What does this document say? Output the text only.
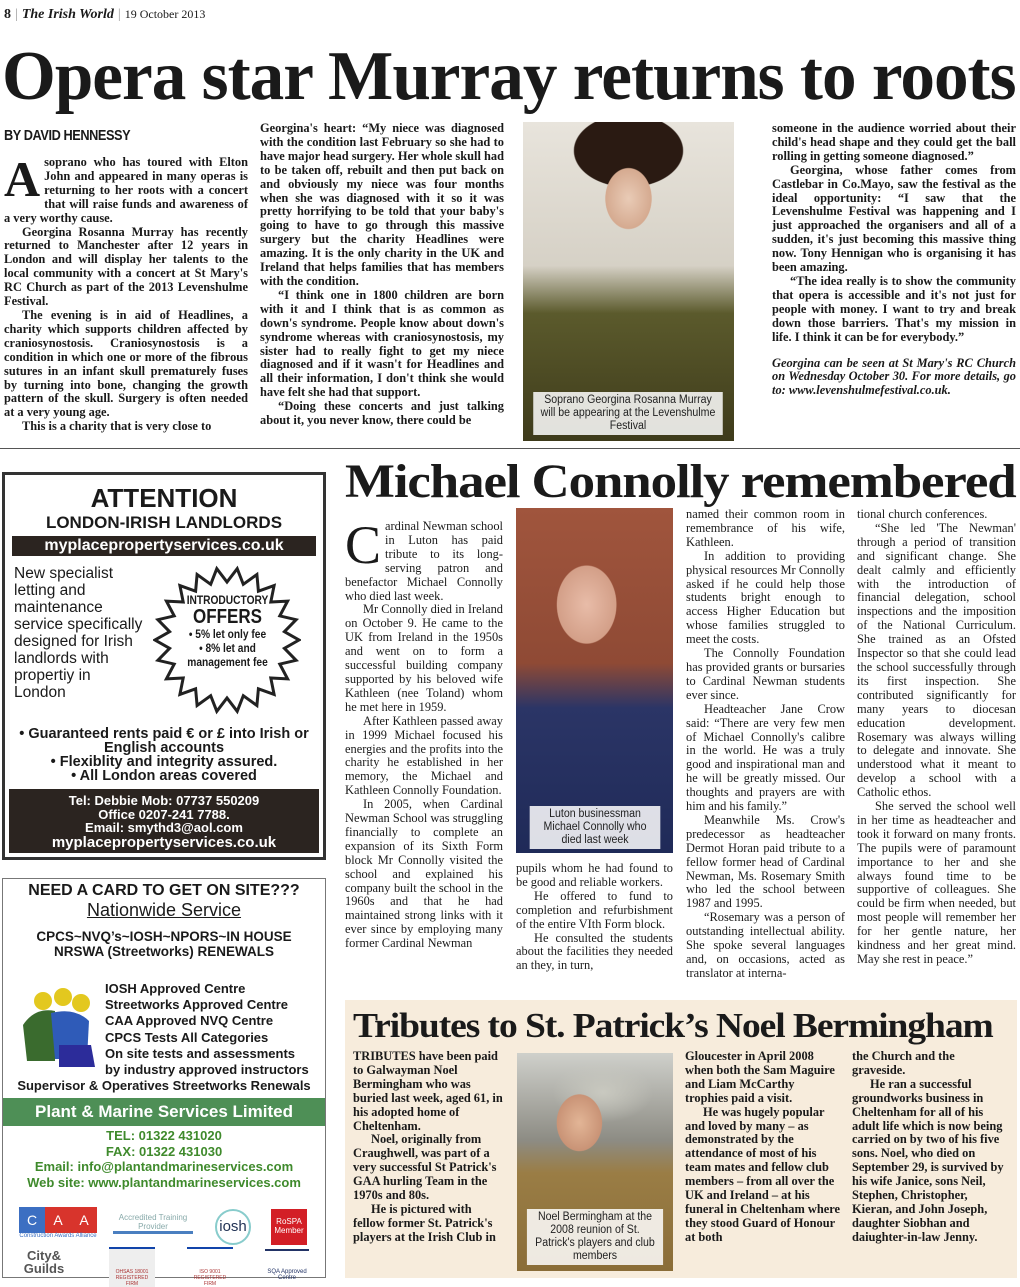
8 | The Irish World | 19 October 2013
Opera star Murray returns to roots
BY DAVID HENNESSY
A soprano who has toured with Elton John and appeared in many operas is returning to her roots with a concert that will raise funds and awareness of a very worthy cause.

Georgina Rosanna Murray has recently returned to Manchester after 12 years in London and will display her talents to the local community with a concert at St Mary's RC Church as part of the 2013 Levenshulme Festival.

The evening is in aid of Headlines, a charity which supports children affected by craniosynostosis. Craniosynostosis is a condition in which one or more of the fibrous sutures in an infant skull prematurely fuses by turning into bone, changing the growth pattern of the skull. Surgery is often needed at a very young age.

This is a charity that is very close to

Georgina's heart: “My niece was diagnosed with the condition last February so she had to have major head surgery. Her whole skull had to be taken off, rebuilt and then put back on and obviously my niece was four months when she was diagnosed with it so it was pretty horrifying to be told that your baby's going to have to go through this massive surgery but the charity Headlines were amazing. It is the only charity in the UK and Ireland that helps families that has members with the condition.

“I think one in 1800 children are born with it and I think that is as common as down's syndrome. People know about down's syndrome whereas with craniosynostosis, my sister had to really fight to get my niece diagnosed and if it wasn't for Headlines and all their information, I don't think she would have felt she had that support.

“Doing these concerts and just talking about it, you never know, there could be

Soprano Georgina Rosanna Murray will be appearing at the Levenshulme Festival

someone in the audience worried about their child's head shape and they could get the ball rolling in getting someone diagnosed.”

Georgina, whose father comes from Castlebar in Co.Mayo, saw the festival as the ideal opportunity: “I saw that the Levenshulme Festival was happening and I just approached the organisers and all of a sudden, it's just becoming this massive thing now. Tony Hennigan who is organising it has been amazing.

“The idea really is to show the community that opera is accessible and it's not just for people with money. I want to try and break down those barriers. That's my mission in life. I think it can be for everybody.”

Georgina can be seen at St Mary's RC Church on Wednesday October 30. For more details, go to: www.levenshulmefestival.co.uk.

ATTENTION
LONDON-IRISH LANDLORDS
myplacepropertyservices.co.uk
New specialist letting and maintenance service specifically designed for Irish landlords with propertiy in London
INTRODUCTORY
OFFERS
• 5% let only fee
• 8% let and management fee
• Guaranteed rents paid € or £ into Irish or English accounts
• Flexiblity and integrity assured.
• All London areas covered
Tel: Debbie Mob: 07737 550209
Office 0207-241 7788.
Email: smythd3@aol.com
myplacepropertyservices.co.uk
NEED A CARD TO GET ON SITE???
Nationwide Service
CPCS~NVQ’s~IOSH~NPORS~IN HOUSE
NRSWA (Streetworks) RENEWALS
IOSH Approved Centre
Streetworks Approved Centre
CAA Approved NVQ Centre
CPCS Tests All Categories
On site tests and assessments
by industry approved instructors
Supervisor & Operatives Streetworks Renewals
Plant & Marine Services Limited
TEL: 01322 431020
FAX: 01322 431030
Email: info@plantandmarineservices.com
Web site: www.plantandmarineservices.com
C	A	A
Construction Awards Alliance
Accredited Training Provider	iosh	RoSPA Member
City& Guilds	OHSAS 18001 REGISTERED FIRM
ISO 9001 REGISTERED FIRM
SQA Approved Centre
Michael Connolly remembered
C ardinal Newman school in Luton has paid tribute to its long-serving patron and benefactor Michael Connolly who died last week.

Mr Connolly died in Ireland on October 9. He came to the UK from Ireland in the 1950s and went on to form a successful building company supported by his beloved wife Kathleen (nee Toland) whom he met here in 1959.

After Kathleen passed away in 1999 Michael focused his energies and the profits into the charity he established in her memory, the Michael and Kathleen Connolly Foundation.

In 2005, when Cardinal Newman School was struggling financially to complete an expansion of its Sixth Form block Mr Connolly visited the school and explained his company built the school in the 1960s and that he had maintained strong links with it ever since by employing many former Cardinal Newman

Luton businessman Michael Connolly who died last week

pupils whom he had found to be good and reliable workers.

He offered to fund to completion and refurbishment of the entire VIth Form block.

He consulted the students about the facilities they needed an they, in turn,

named their common room in remembrance of his wife, Kathleen.

In addition to providing physical resources Mr Connolly asked if he could help those students bright enough to access Higher Education but whose families struggled to meet the costs.

The Connolly Foundation has provided grants or bursaries to Cardinal Newman students ever since.

Headteacher Jane Crow said: “There are very few men of Michael Connolly's calibre in the world. He was a truly good and inspirational man and he will be greatly missed. Our thoughts and prayers are with him and his family.”

Meanwhile Ms. Crow's predecessor as headteacher Dermot Horan paid tribute to a fellow former head of Cardinal Newman, Ms. Rosemary Smith who led the school between 1987 and 1995.

“Rosemary was a person of outstanding intellectual ability. She spoke several languages and, on occasions, acted as translator at interna-

tional church conferences.

“She led 'The Newman' through a period of transition and significant change. She dealt calmly and efficiently with the introduction of financial delegation, school inspections and the imposition of the National Curriculum. She trained as an Ofsted Inspector so that she could lead the school successfully through its first inspection. She contributed significantly for many years to diocesan education development. Rosemary was always willing to delegate and innovate. She understood what it meant to develop a school with a Catholic ethos.

She served the school well in her time as headteacher and took it forward on many fronts. The pupils were of paramount importance to her and she always found time to be supportive of colleagues. She could be firm when needed, but most people will remember her for her gentle nature, her kindness and her great mind. May she rest in peace.”

Tributes to St. Patrick’s Noel Bermingham

TRIBUTES have been paid to Galwayman Noel Bermingham who was buried last week, aged 61, in his adopted home of Cheltenham.

Noel, originally from Craughwell, was part of a very successful St Patrick's GAA hurling Team in the 1970s and 80s.

He is pictured with fellow former St. Patrick's players at the Irish Club in

Noel Bermingham at the 2008 reunion of St. Patrick's players and club members

Gloucester in April 2008 when both the Sam Maguire and Liam McCarthy trophies paid a visit.

He was hugely popular and loved by many – as demonstrated by the attendance of most of his team mates and fellow club members – from all over the UK and Ireland – at his funeral in Cheltenham where they stood Guard of Honour at both

the Church and the graveside.

He ran a successful groundworks business in Cheltenham for all of his adult life which is now being carried on by two of his five sons. Noel, who died on September 29, is survived by his wife Janice, sons Neil, Stephen, Christopher, Kieran, and John Joseph, daughter Siobhan and daiughter-in-law Jenny.
